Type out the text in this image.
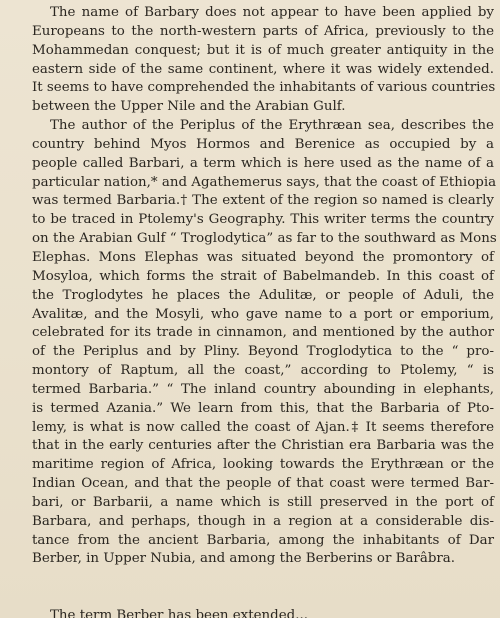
The name of Barbary does not appear to have been applied by
Europeans to the north-western parts of Africa, previously to the
Mohammedan conquest; but it is of much greater antiquity in the
eastern side of the same continent, where it was widely extended.
It seems to have comprehended the inhabitants of various countries
between the Upper Nile and the Arabian Gulf.
The author of the Periplus of the Erythræan sea, describes the
country behind Myos Hormos and Berenice as occupied by a
people called Barbari, a term which is here used as the name of a
particular nation,* and Agathemerus says, that the coast of Ethiopia
was termed Barbaria.† The extent of the region so named is clearly
to be traced in Ptolemy's Geography. This writer terms the country
on the Arabian Gulf “ Troglodytica” as far to the southward as Mons
Elephas. Mons Elephas was situated beyond the promontory of
Mosyloa, which forms the strait of Babelmandeb. In this coast of
the Troglodytes he places the Adulitæ, or people of Aduli, the
Avalitæ, and the Mosyli, who gave name to a port or emporium,
celebrated for its trade in cinnamon, and mentioned by the author
of the Periplus and by Pliny. Beyond Troglodytica to the “ pro-
montory of Raptum, all the coast,” according to Ptolemy, “ is
termed Barbaria.” “ The inland country abounding in elephants,
is termed Azania.” We learn from this, that the Barbaria of Pto-
lemy, is what is now called the coast of Ajan.‡ It seems therefore
that in the early centuries after the Christian era Barbaria was the
maritime region of Africa, looking towards the Erythræan or the
Indian Ocean, and that the people of that coast were termed Bar-
bari, or Barbarii, a name which is still preserved in the port of
Barbara, and perhaps, though in a region at a considerable dis-
tance from the ancient Barbaria, among the inhabitants of Dar
Berber, in Upper Nubia, and among the Berberins or Barâbra.
The term Berber has been extended...
